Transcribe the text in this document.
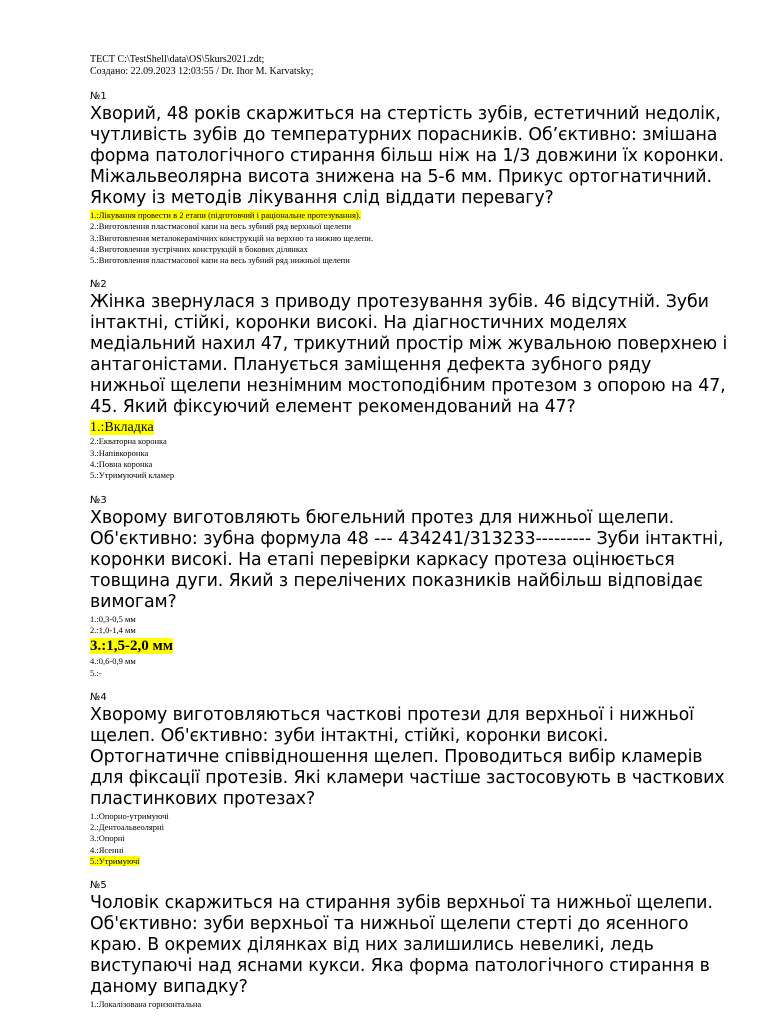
ТЕСТ C:\TestShell\data\OS\5kurs2021.zdt;
Создано: 22.09.2023 12:03:55 / Dr. Ihor M. Karvatsky;
№1
Хворий, 48 років скаржиться на стертість зубів, естетичний недолік, чутливість зубів до температурних порасників. Об’єктивно: змішана форма патологічного стирання більш ніж на 1/3 довжини їх коронки. Міжальвеолярна висота знижена на 5-6 мм. Прикус ортогнатичний. Якому із методів лікування слід віддати перевагу?
1.:Лікування провести в 2 етапи (підготовчий і раціональне протезування).
2.:Виготовлення пластмасової капи на весь зубний ряд верхньої щелепи
3.:Виготовлення металокерамічних конструкцій на верхню та нижню щелепи.
4.:Виготовлення зустрічних конструкцій в бокових ділянках
5.:Виготовлення пластмасової капи на весь зубний ряд нижньої щелепи
№2
Жінка звернулася з приводу протезування зубів. 46 відсутній. Зуби інтактні, стійкі, коронки високі. На діагностичних моделях медіальний нахил 47, трикутний простір між жувальною поверхнею і антагоністами. Планується заміщення дефекта зубного ряду нижньої щелепи незнімним мостоподібним протезом з опорою на 47, 45. Який фіксуючий елемент рекомендований на 47?
1.:Вкладка
2.:Екваторна коронка
3.:Напівкоронка
4.:Повна коронка
5.:Утримуючий кламер
№3
Хворому виготовляють бюгельний протез для нижньої щелепи. Об'єктивно: зубна формула 48 --- 434241/313233--------- Зуби інтактні, коронки високі. На етапі перевірки каркасу протеза оцінюється товщина дуги. Який з перелічених показників найбільш відповідає вимогам?
1.:0,3-0,5 мм
2.:1,0-1,4 мм
3.:1,5-2,0 мм
4.:0,6-0,9 мм
5.:-
№4
Хворому виготовляються часткові протези для верхньої і нижньої щелеп. Об'єктивно: зуби інтактні, стійкі, коронки високі. Ортогнатичне співвідношення щелеп. Проводиться вибір кламерів для фіксації протезів. Які кламери частіше застосовують в часткових пластинкових протезах?
1.:Опорно-утримуючі
2.:Дентоальвеолярні
3.:Опорні
4.:Ясенні
5.:Утримуючі
№5
Чоловік скаржиться на стирання зубів верхньої та нижньої щелепи. Об'єктивно: зуби верхньої та нижньої щелепи стерті до ясенного краю. В окремих ділянках від них залишились невеликі, ледь виступаючі над яснами кукси. Яка форма патологічного стирання в даному випадку?
1.:Локалізована горизонтальна
